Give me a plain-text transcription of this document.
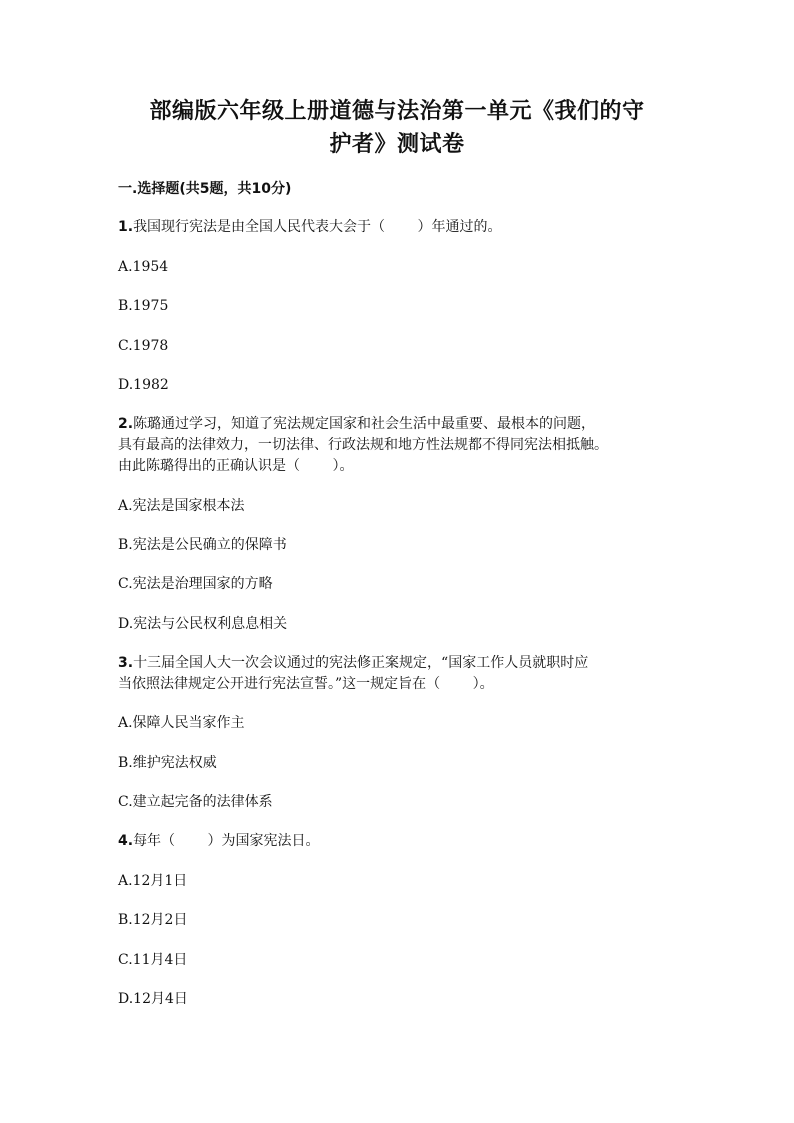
部编版六年级上册道德与法治第一单元《我们的守
护者》测试卷
一.选择题(共5题，共10分)
1.我国现行宪法是由全国人民代表大会于（　　 ）年通过的。
A.1954
B.1975
C.1978
D.1982
2.陈璐通过学习，知道了宪法规定国家和社会生活中最重要、最根本的问题，
具有最高的法律效力，一切法律、行政法规和地方性法规都不得同宪法相抵触。
由此陈璐得出的正确认识是（　　 ）。
A.宪法是国家根本法
B.宪法是公民确立的保障书
C.宪法是治理国家的方略
D.宪法与公民权利息息相关
3.十三届全国人大一次会议通过的宪法修正案规定，“国家工作人员就职时应
当依照法律规定公开进行宪法宣誓。”这一规定旨在（　　 ）。
A.保障人民当家作主
B.维护宪法权威
C.建立起完备的法律体系
4.每年（　　 ）为国家宪法日。
A.12月1日
B.12月2日
C.11月4日
D.12月4日
